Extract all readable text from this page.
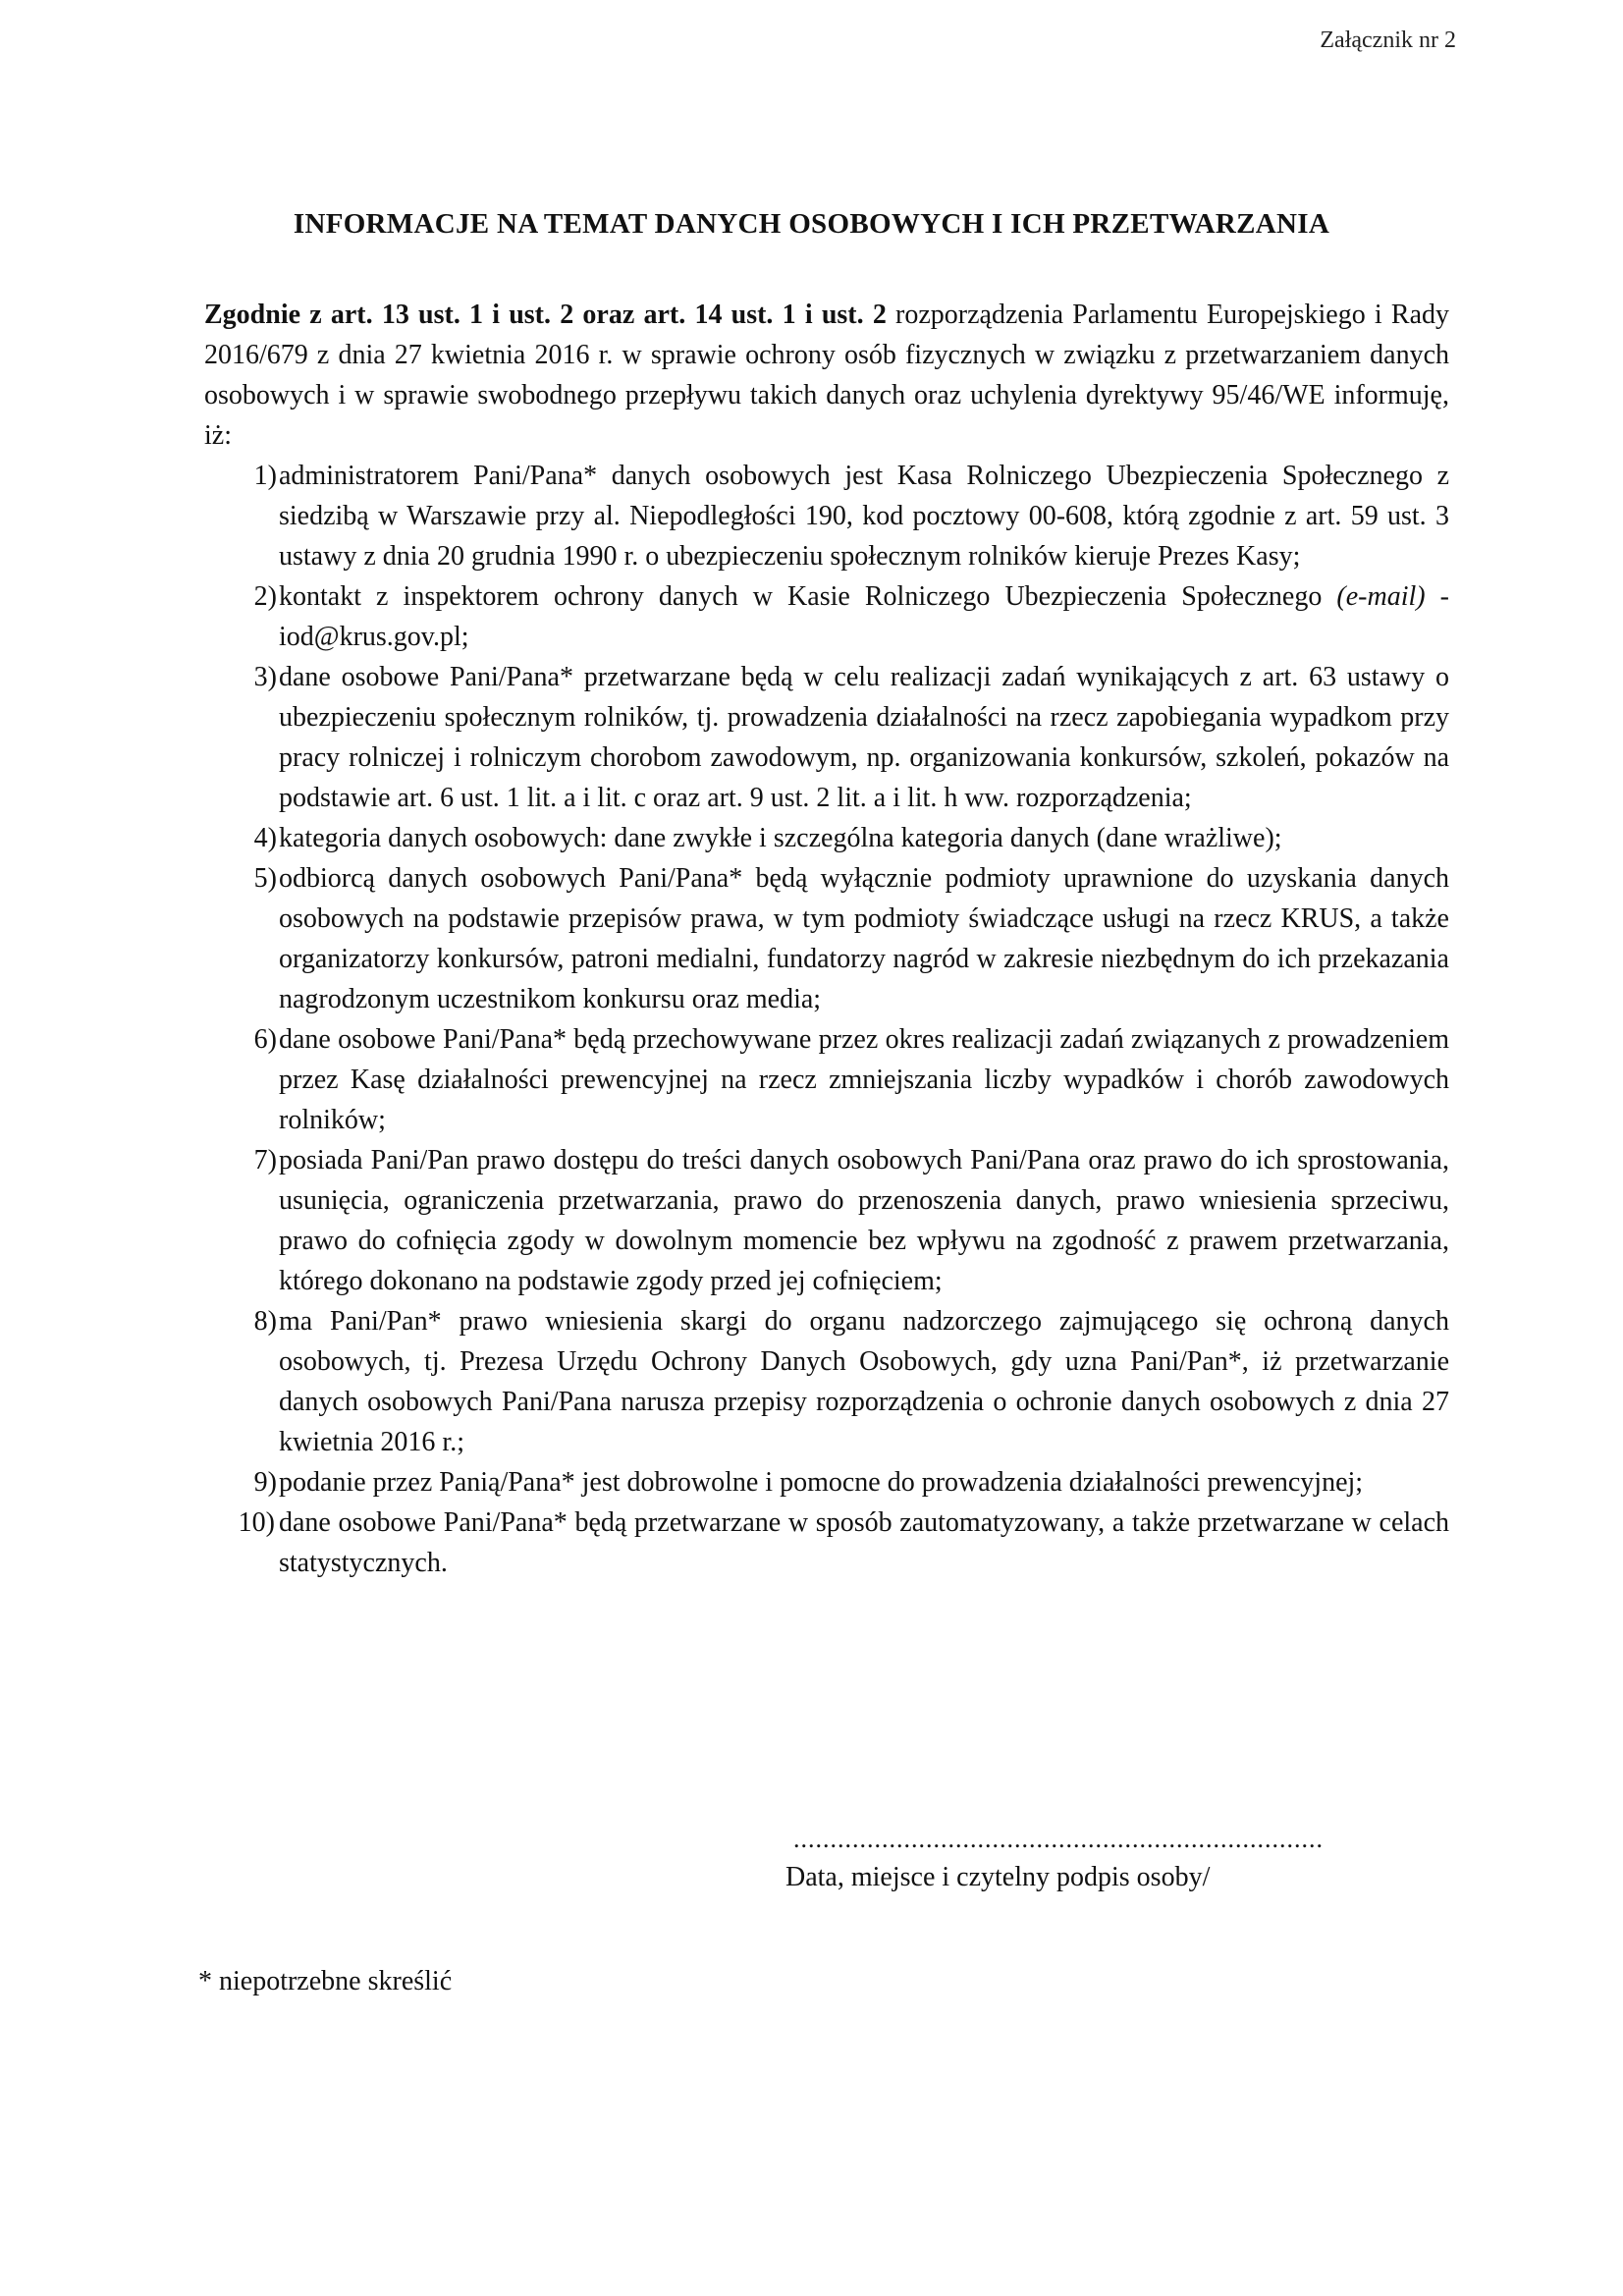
Załącznik nr 2
INFORMACJE NA TEMAT DANYCH OSOBOWYCH I ICH PRZETWARZANIA

Zgodnie z art. 13 ust. 1 i ust. 2 oraz art. 14 ust. 1 i ust. 2 rozporządzenia Parlamentu Europejskiego i Rady 2016/679 z dnia 27 kwietnia 2016 r. w sprawie ochrony osób fizycznych w związku z przetwarzaniem danych osobowych i w sprawie swobodnego przepływu takich danych oraz uchylenia dyrektywy 95/46/WE informuję, iż:

1) administratorem Pani/Pana* danych osobowych jest Kasa Rolniczego Ubezpieczenia Społecznego z siedzibą w Warszawie przy al. Niepodległości 190, kod pocztowy 00-608, którą zgodnie z art. 59 ust. 3 ustawy z dnia 20 grudnia 1990 r. o ubezpieczeniu społecznym rolników kieruje Prezes Kasy;
2) kontakt z inspektorem ochrony danych w Kasie Rolniczego Ubezpieczenia Społecznego (e-mail) - iod@krus.gov.pl;
3) dane osobowe Pani/Pana* przetwarzane będą w celu realizacji zadań wynikających z art. 63 ustawy o ubezpieczeniu społecznym rolników, tj. prowadzenia działalności na rzecz zapobiegania wypadkom przy pracy rolniczej i rolniczym chorobom zawodowym, np. organizowania konkursów, szkoleń, pokazów na podstawie art. 6 ust. 1 lit. a i lit. c oraz art. 9 ust. 2 lit. a i lit. h ww. rozporządzenia;
4) kategoria danych osobowych: dane zwykłe i szczególna kategoria danych (dane wrażliwe);
5) odbiorcą danych osobowych Pani/Pana* będą wyłącznie podmioty uprawnione do uzyskania danych osobowych na podstawie przepisów prawa, w tym podmioty świadczące usługi na rzecz KRUS, a także organizatorzy konkursów, patroni medialni, fundatorzy nagród w zakresie niezbędnym do ich przekazania nagrodzonym uczestnikom konkursu oraz media;
6) dane osobowe Pani/Pana* będą przechowywane przez okres realizacji zadań związanych z prowadzeniem przez Kasę działalności prewencyjnej na rzecz zmniejszania liczby wypadków i chorób zawodowych rolników;
7) posiada Pani/Pan prawo dostępu do treści danych osobowych Pani/Pana oraz prawo do ich sprostowania, usunięcia, ograniczenia przetwarzania, prawo do przenoszenia danych, prawo wniesienia sprzeciwu, prawo do cofnięcia zgody w dowolnym momencie bez wpływu na zgodność z prawem przetwarzania, którego dokonano na podstawie zgody przed jej cofnięciem;
8) ma Pani/Pan* prawo wniesienia skargi do organu nadzorczego zajmującego się ochroną danych osobowych, tj. Prezesa Urzędu Ochrony Danych Osobowych, gdy uzna Pani/Pan*, iż przetwarzanie danych osobowych Pani/Pana narusza przepisy rozporządzenia o ochronie danych osobowych z dnia 27 kwietnia 2016 r.;
9) podanie przez Panią/Pana* jest dobrowolne i pomocne do prowadzenia działalności prewencyjnej;
10) dane osobowe Pani/Pana* będą przetwarzane w sposób zautomatyzowany, a także przetwarzane w celach statystycznych.
........................................................................
Data, miejsce i czytelny podpis osoby/
* niepotrzebne skreślić
